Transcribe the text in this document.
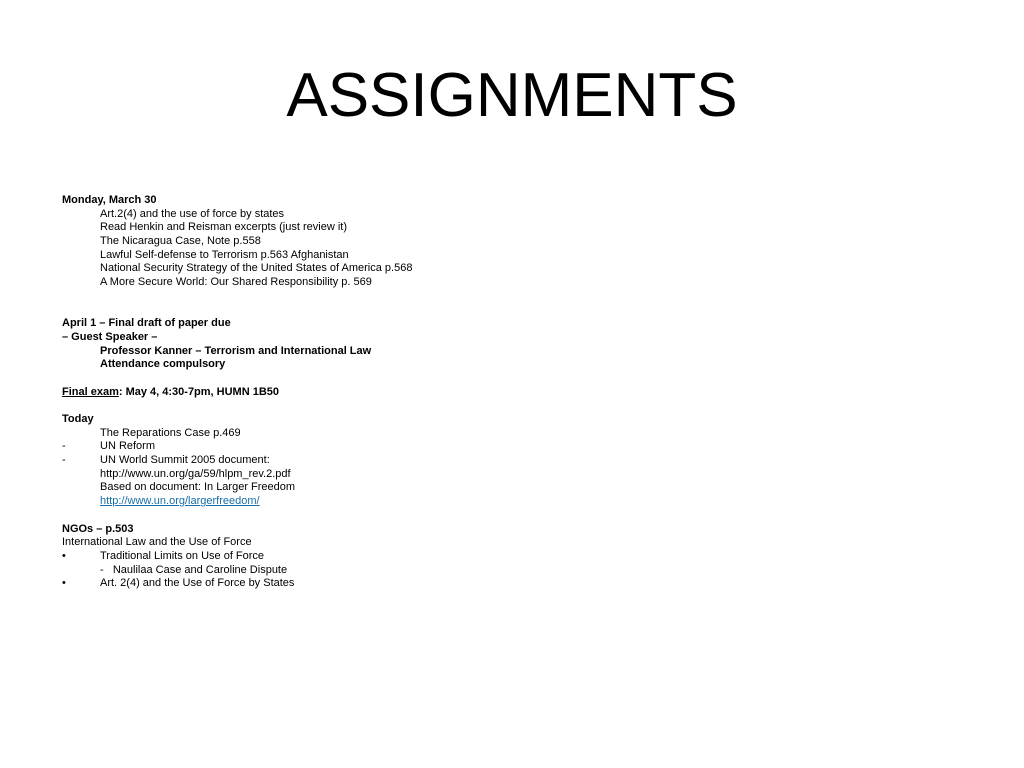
ASSIGNMENTS
Monday, March 30
Art.2(4) and the use of force by states
Read Henkin and Reisman excerpts (just review it)
The Nicaragua Case, Note p.558
Lawful Self-defense to Terrorism p.563 Afghanistan
National Security Strategy of the United States of America p.568
A More Secure World: Our Shared Responsibility p. 569
April 1 – Final draft of paper due
– Guest Speaker –
Professor Kanner – Terrorism and International Law
Attendance compulsory
Final exam: May 4, 4:30-7pm, HUMN 1B50
Today
The Reparations Case p.469
-	UN Reform
-	UN World Summit 2005 document:
http://www.un.org/ga/59/hlpm_rev.2.pdf
Based on document: In Larger Freedom
http://www.un.org/largerfreedom/
NGOs – p.503
International Law and the Use of Force
•	Traditional Limits on Use of Force
- Naulilaa Case and Caroline Dispute
•	Art. 2(4) and the Use of Force by States
